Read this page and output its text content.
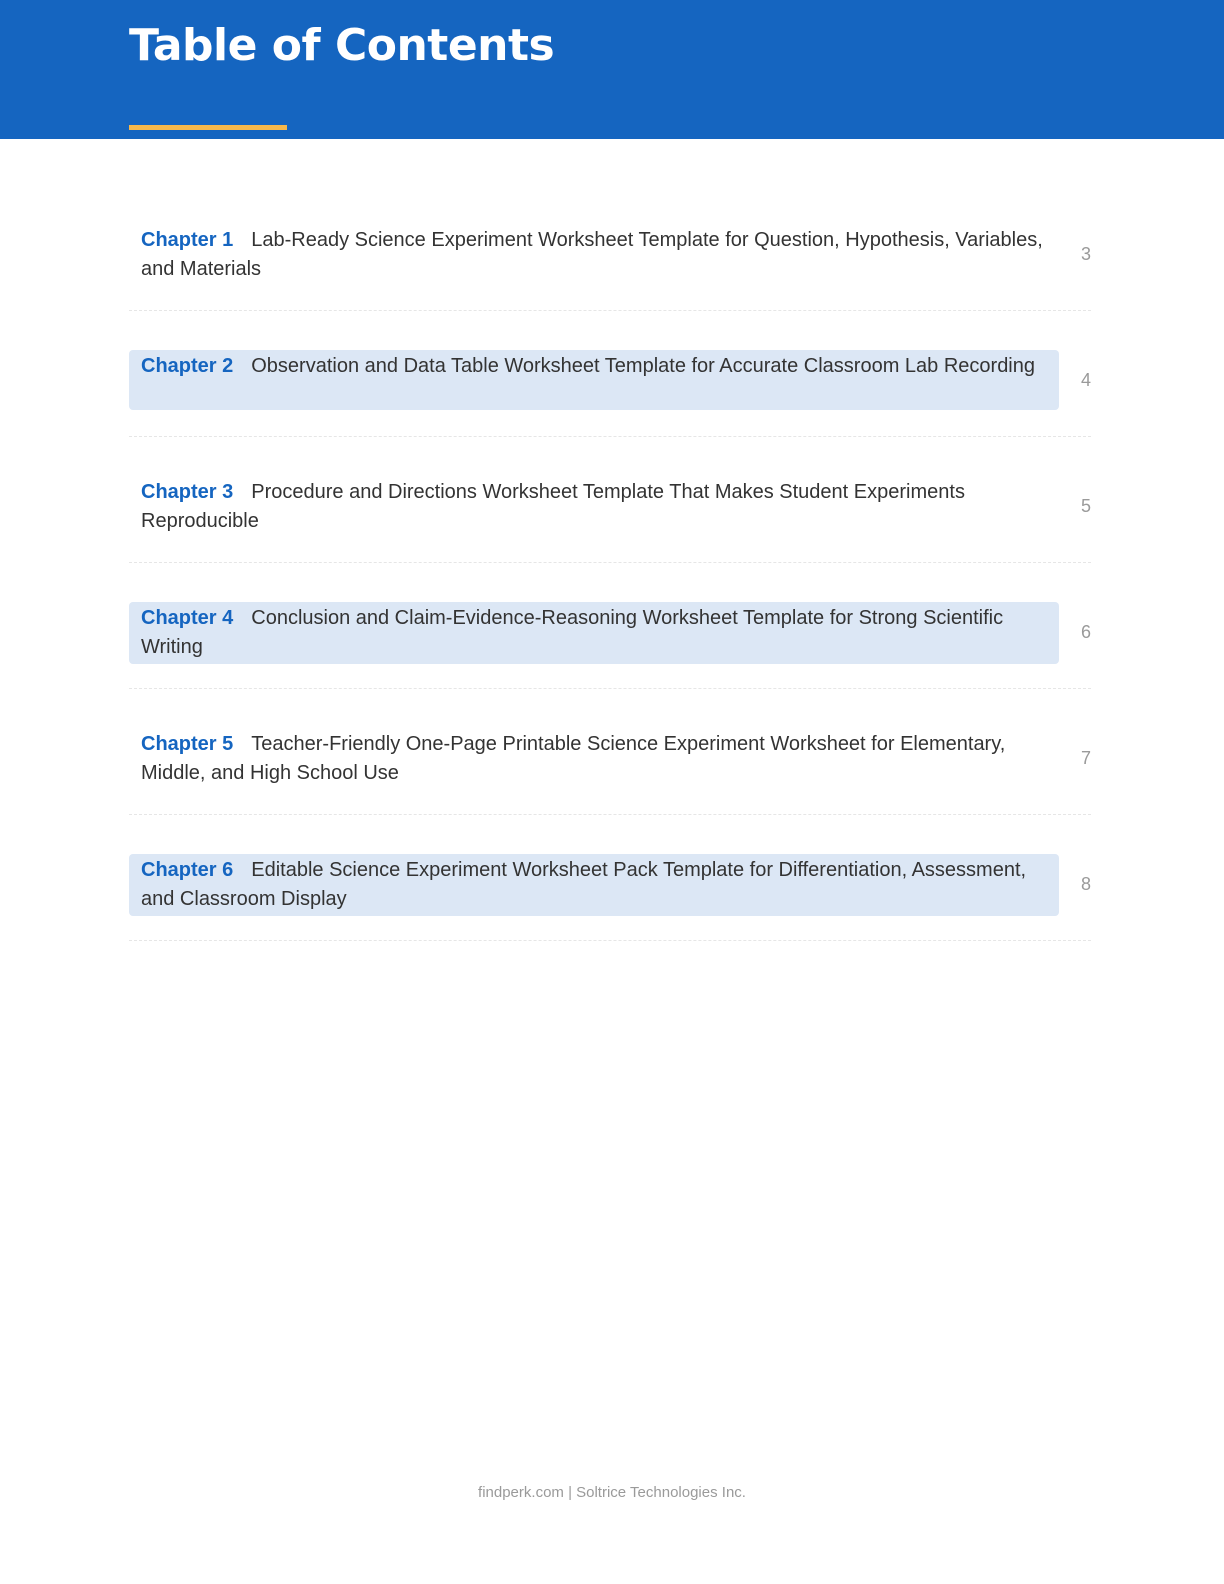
Table of Contents
Chapter 1 Lab-Ready Science Experiment Worksheet Template for Question, Hypothesis, Variables, and Materials
3
Chapter 2 Observation and Data Table Worksheet Template for Accurate Classroom Lab Recording
4
Chapter 3 Procedure and Directions Worksheet Template That Makes Student Experiments Reproducible
5
Chapter 4 Conclusion and Claim-Evidence-Reasoning Worksheet Template for Strong Scientific Writing
6
Chapter 5 Teacher-Friendly One-Page Printable Science Experiment Worksheet for Elementary, Middle, and High School Use
7
Chapter 6 Editable Science Experiment Worksheet Pack Template for Differentiation, Assessment, and Classroom Display
8
findperk.com | Soltrice Technologies Inc.
